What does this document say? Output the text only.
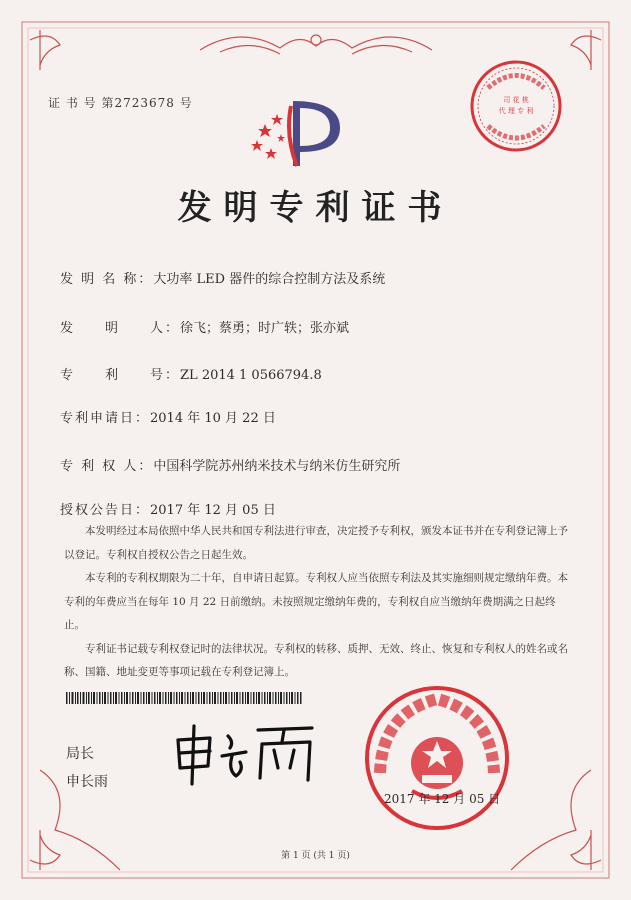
证 书 号 第2723678 号	司 花 桃
代 理 专 利
发明专利证书
发 明 名 称：大功率 LED 器件的综合控制方法及系统
发　　明　　人：徐飞；蔡勇；时广轶；张亦斌
专　　利　　号：ZL 2014 1 0566794.8
专利申请日：2014 年 10 月 22 日
专 利 权 人：中国科学院苏州纳米技术与纳米仿生研究所
授权公告日：2017 年 12 月 05 日

本发明经过本局依照中华人民共和国专利法进行审查，决定授予专利权，颁发本证书并在专利登记簿上予以登记。专利权自授权公告之日起生效。

本专利的专利权期限为二十年，自申请日起算。专利权人应当依照专利法及其实施细则规定缴纳年费。本专利的年费应当在每年 10 月 22 日前缴纳。未按照规定缴纳年费的，专利权自应当缴纳年费期满之日起终止。

专利证书记载专利权登记时的法律状况。专利权的转移、质押、无效、终止、恢复和专利权人的姓名或名称、国籍、地址变更等事项记载在专利登记簿上。

局长
申长雨
2017 年 12 月 05 日
第 1 页 (共 1 页)
